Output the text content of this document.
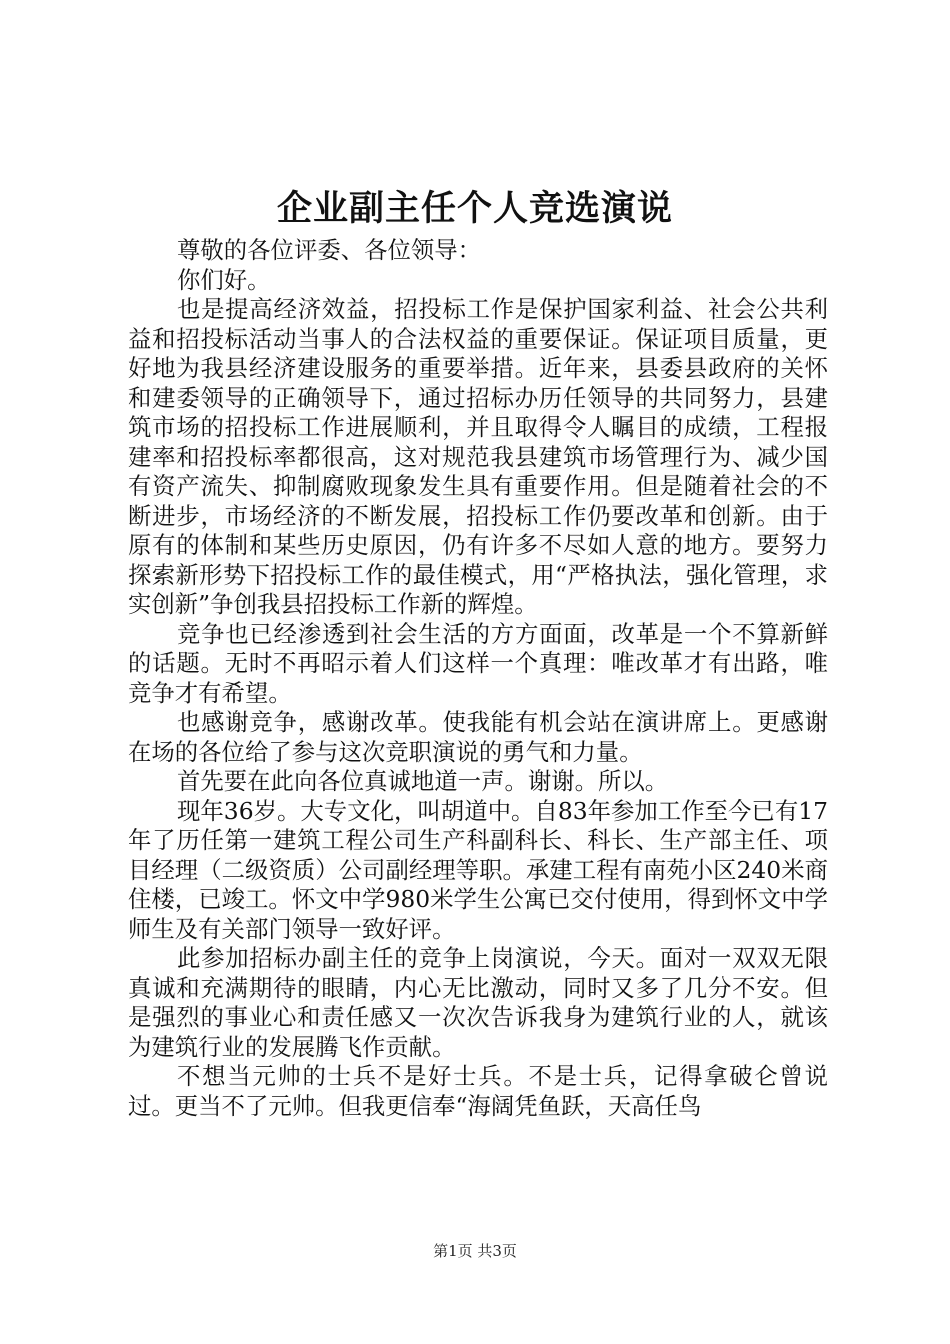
企业副主任个人竞选演说

尊敬的各位评委、各位领导：

你们好。

也是提高经济效益，招投标工作是保护国家利益、社会公共利益和招投标活动当事人的合法权益的重要保证。保证项目质量，更好地为我县经济建设服务的重要举措。近年来，县委县政府的关怀和建委领导的正确领导下，通过招标办历任领导的共同努力，县建筑市场的招投标工作进展顺利，并且取得令人瞩目的成绩，工程报建率和招投标率都很高，这对规范我县建筑市场管理行为、减少国有资产流失、抑制腐败现象发生具有重要作用。但是随着社会的不断进步，市场经济的不断发展，招投标工作仍要改革和创新。由于原有的体制和某些历史原因，仍有许多不尽如人意的地方。要努力探索新形势下招投标工作的最佳模式，用“严格执法，强化管理，求实创新”争创我县招投标工作新的辉煌。

竞争也已经渗透到社会生活的方方面面，改革是一个不算新鲜的话题。无时不再昭示着人们这样一个真理：唯改革才有出路，唯竞争才有希望。

也感谢竞争，感谢改革。使我能有机会站在演讲席上。更感谢在场的各位给了参与这次竞职演说的勇气和力量。

首先要在此向各位真诚地道一声。谢谢。所以。

现年36岁。大专文化，叫胡道中。自83年参加工作至今已有17年了历任第一建筑工程公司生产科副科长、科长、生产部主任、项目经理（二级资质）公司副经理等职。承建工程有南苑小区240米商住楼，已竣工。怀文中学980米学生公寓已交付使用，得到怀文中学师生及有关部门领导一致好评。

此参加招标办副主任的竞争上岗演说，今天。面对一双双无限真诚和充满期待的眼睛，内心无比激动，同时又多了几分不安。但是强烈的事业心和责任感又一次次告诉我身为建筑行业的人，就该为建筑行业的发展腾飞作贡献。

不想当元帅的士兵不是好士兵。不是士兵，记得拿破仑曾说过。更当不了元帅。但我更信奉“海阔凭鱼跃，天高任鸟

第1页 共3页
